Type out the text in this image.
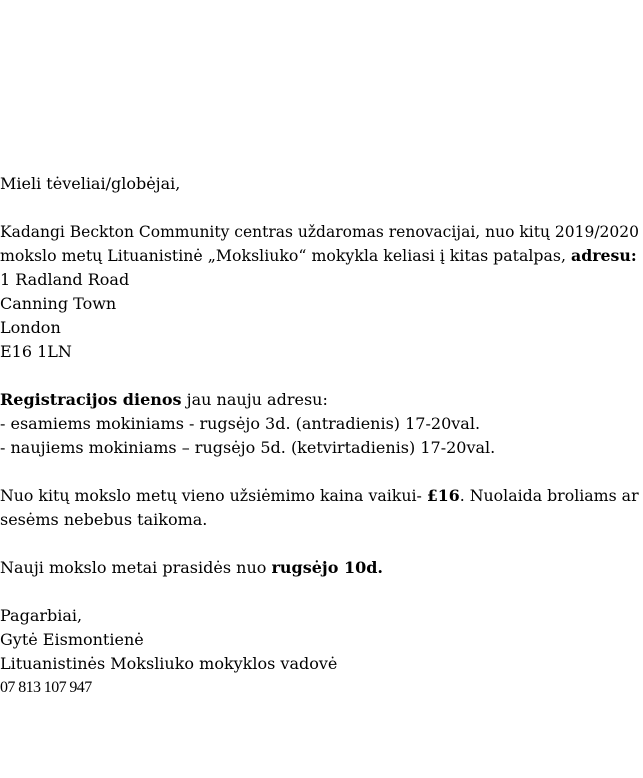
Mieli tėveliai/globėjai,
Kadangi Beckton Community centras uždaromas renovacijai, nuo kitų 2019/2020
mokslo metų Lituanistinė „Moksliuko“ mokykla keliasi į kitas patalpas, adresu:
1 Radland Road
Canning Town
London
E16 1LN
Registracijos dienos jau nauju adresu:
- esamiems mokiniams - rugsėjo 3d. (antradienis) 17-20val.
- naujiems mokiniams – rugsėjo 5d. (ketvirtadienis) 17-20val.
Nuo kitų mokslo metų vieno užsiėmimo kaina vaikui- £16. Nuolaida broliams ar
sesėms nebebus taikoma.
Nauji mokslo metai prasidės nuo rugsėjo 10d.
Pagarbiai,
Gytė Eismontienė
Lituanistinės Moksliuko mokyklos vadovė
07 813 107 947
